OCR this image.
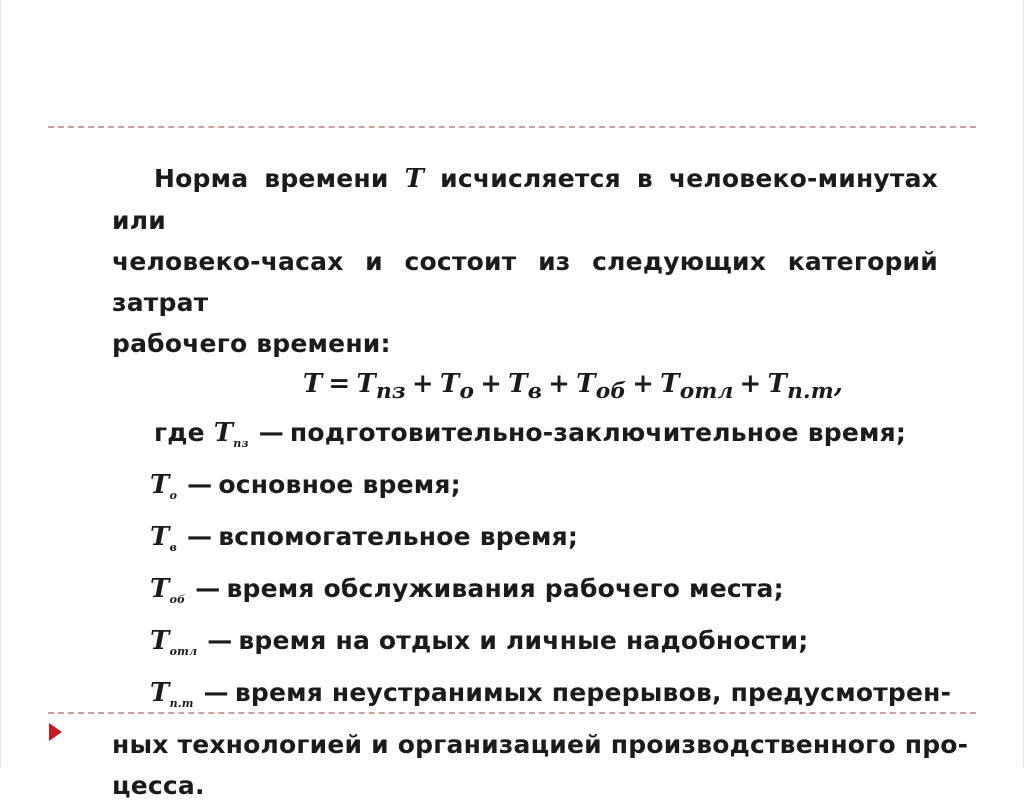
Норма времени T исчисляется в человеко-минутах или
человеко-часах и состоит из следующих категорий затрат
рабочего времени:
$T = T_{пз} + T_о + T_в + T_{об} + T_{отл} + T_{п.т}$,
где $T_{пз}$ — подготовительно-заключительное время;
$T_о$ — основное время;
$T_в$ — вспомогательное время;
$T_{об}$ — время обслуживания рабочего места;
$T_{отл}$ — время на отдых и личные надобности;
$T_{п.т}$ — время неустранимых перерывов, предусмотрен-
ных технологией и организацией производственного про-
цесса.
